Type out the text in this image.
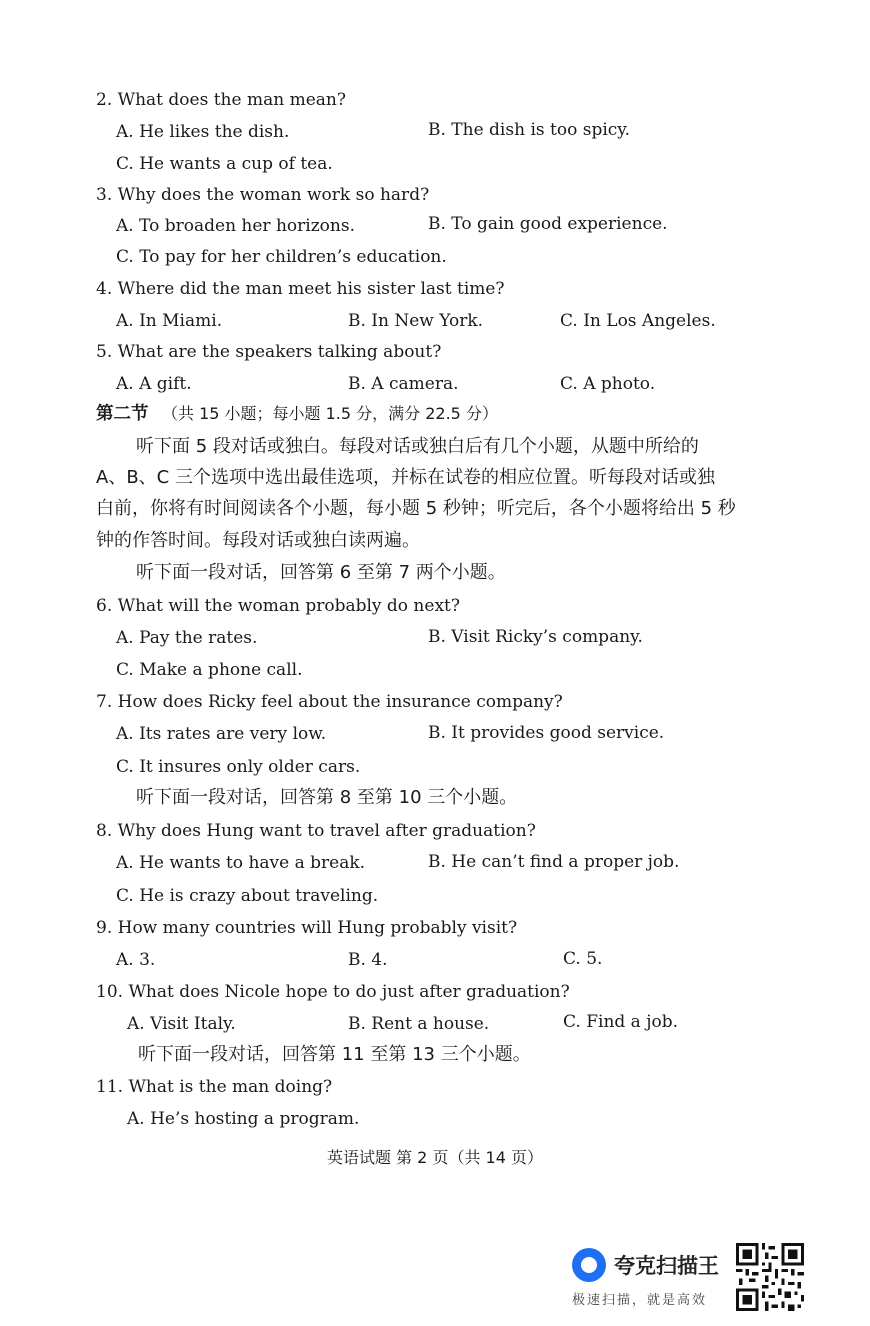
2. What does the man mean?
A. He likes the dish.	B. The dish is too spicy.
C. He wants a cup of tea.
3. Why does the woman work so hard?
A. To broaden her horizons.	B. To gain good experience.
C. To pay for her children’s education.
4. Where did the man meet his sister last time?
A. In Miami.	B. In New York.	C. In Los Angeles.
5. What are the speakers talking about?
A. A gift.	B. A camera.	C. A photo.
第二节 （共 15 小题；每小题 1.5 分，满分 22.5 分）
听下面 5 段对话或独白。每段对话或独白后有几个小题，从题中所给的
A、B、C 三个选项中选出最佳选项，并标在试卷的相应位置。听每段对话或独
白前，你将有时间阅读各个小题，每小题 5 秒钟；听完后，各个小题将给出 5 秒
钟的作答时间。每段对话或独白读两遍。
听下面一段对话，回答第 6 至第 7 两个小题。
6. What will the woman probably do next?
A. Pay the rates.	B. Visit Ricky’s company.
C. Make a phone call.
7. How does Ricky feel about the insurance company?
A. Its rates are very low.	B. It provides good service.
C. It insures only older cars.
听下面一段对话，回答第 8 至第 10 三个小题。
8. Why does Hung want to travel after graduation?
A. He wants to have a break.	B. He can’t find a proper job.
C. He is crazy about traveling.
9. How many countries will Hung probably visit?
A. 3.	B. 4.	C. 5.
10. What does Nicole hope to do just after graduation?
A. Visit Italy.	B. Rent a house.	C. Find a job.
听下面一段对话，回答第 11 至第 13 三个小题。
11. What is the man doing?
A. He’s hosting a program.
英语试题 第 2 页（共 14 页）
夸克扫描王
极速扫描，就是高效
